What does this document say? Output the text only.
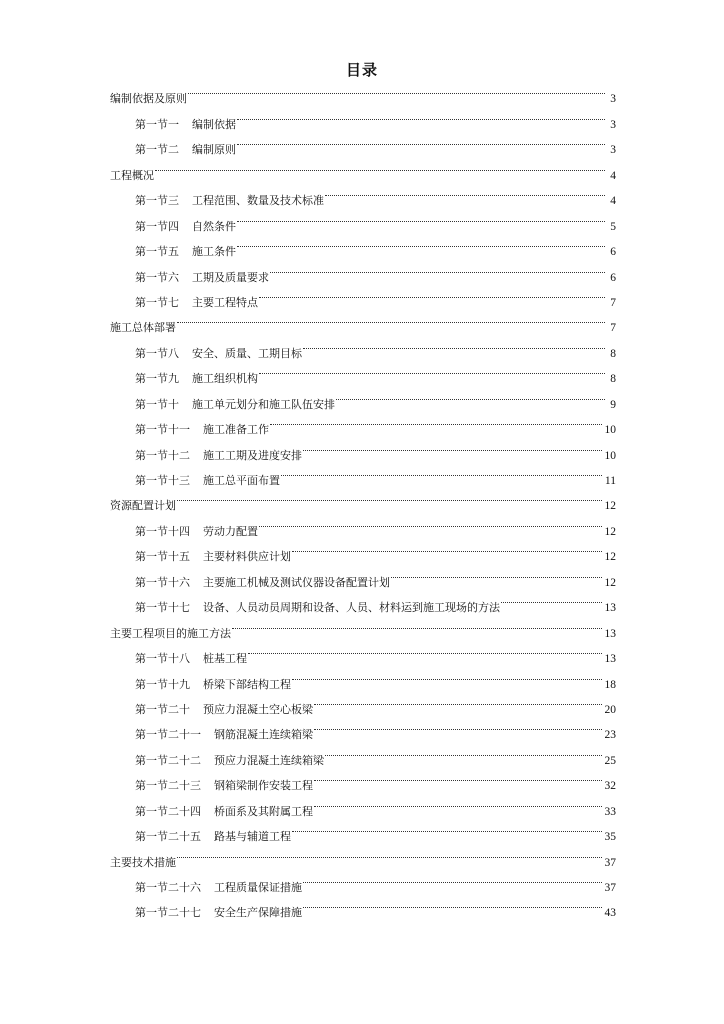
目录
编制依据及原则	3
第一节一	编制依据	3
第一节二	编制原则	3
工程概况	4
第一节三	工程范围、数量及技术标准	4
第一节四	自然条件	5
第一节五	施工条件	6
第一节六	工期及质量要求	6
第一节七	主要工程特点	7
施工总体部署	7
第一节八	安全、质量、工期目标	8
第一节九	施工组织机构	8
第一节十	施工单元划分和施工队伍安排	9
第一节十一	施工准备工作	10
第一节十二	施工工期及进度安排	10
第一节十三	施工总平面布置	11
资源配置计划	12
第一节十四	劳动力配置	12
第一节十五	主要材料供应计划	12
第一节十六	主要施工机械及测试仪器设备配置计划	12
第一节十七	设备、人员动员周期和设备、人员、材料运到施工现场的方法	13
主要工程项目的施工方法	13
第一节十八	桩基工程	13
第一节十九	桥梁下部结构工程	18
第一节二十	预应力混凝土空心板梁	20
第一节二十一	钢筋混凝土连续箱梁	23
第一节二十二	预应力混凝土连续箱梁	25
第一节二十三	钢箱梁制作安装工程	32
第一节二十四	桥面系及其附属工程	33
第一节二十五	路基与辅道工程	35
主要技术措施	37
第一节二十六	工程质量保证措施	37
第一节二十七	安全生产保障措施	43
